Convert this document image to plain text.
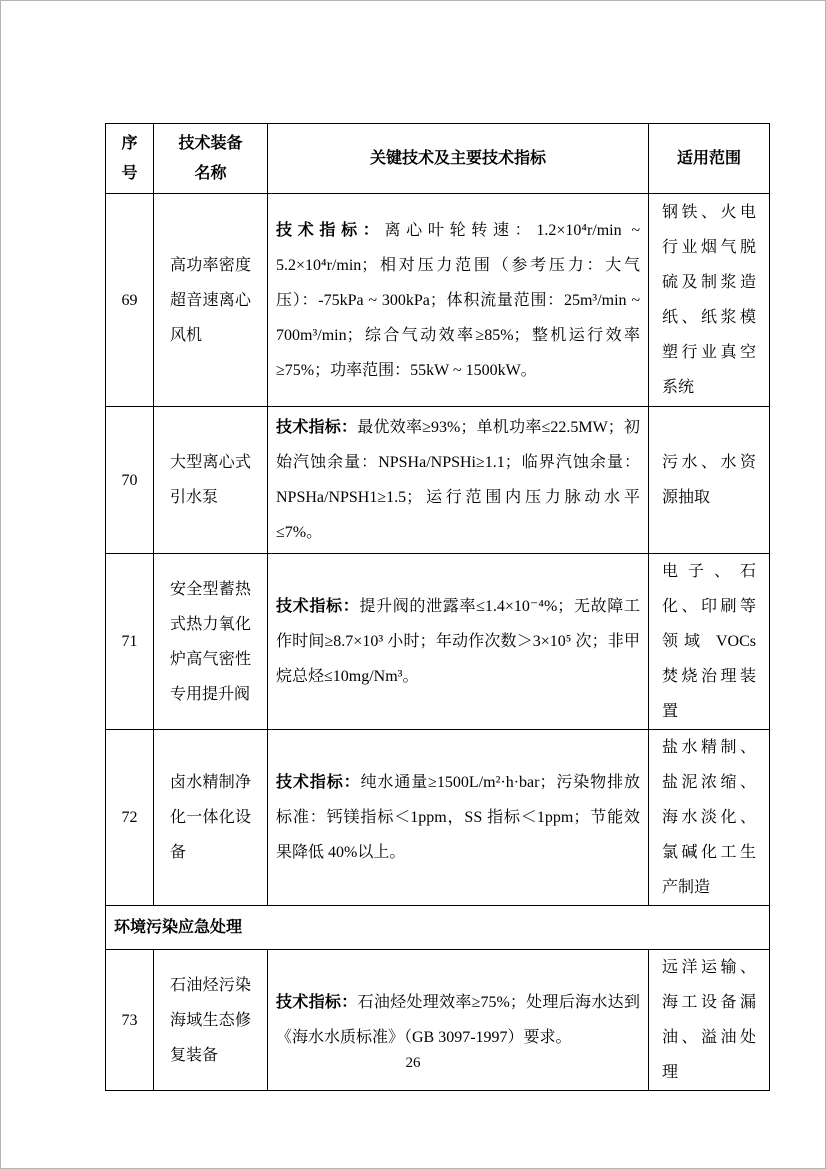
序号	技术装备名称	关键技术及主要技术指标	适用范围
69	高功率密度超音速离心风机	技术指标：离心叶轮转速：1.2×10⁴r/min ~ 5.2×10⁴r/min；相对压力范围（参考压力：大气压）：-75kPa ~ 300kPa；体积流量范围：25m³/min ~ 700m³/min；综合气动效率≥85%；整机运行效率≥75%；功率范围：55kW ~ 1500kW。	钢铁、火电行业烟气脱硫及制浆造纸、纸浆模塑行业真空系统
70	大型离心式引水泵	技术指标：最优效率≥93%；单机功率≤22.5MW；初始汽蚀余量：NPSHa/NPSHi≥1.1；临界汽蚀余量：NPSHa/NPSH1≥1.5；运行范围内压力脉动水平≤7%。	污水、水资源抽取
71	安全型蓄热式热力氧化炉高气密性专用提升阀	技术指标：提升阀的泄露率≤1.4×10⁻⁴%；无故障工作时间≥8.7×10³ 小时；年动作次数＞3×10⁵ 次；非甲烷总烃≤10mg/Nm³。	电子、石化、印刷等领域 VOCs 焚烧治理装置
72	卤水精制净化一体化设备	技术指标：纯水通量≥1500L/m²·h·bar；污染物排放标准：钙镁指标＜1ppm，SS 指标＜1ppm；节能效果降低 40%以上。	盐水精制、盐泥浓缩、海水淡化、氯碱化工生产制造
环境污染应急处理			
73	石油烃污染海域生态修复装备	技术指标：石油烃处理效率≥75%；处理后海水达到《海水水质标准》（GB 3097-1997）要求。	远洋运输、海工设备漏油、溢油处理
26
